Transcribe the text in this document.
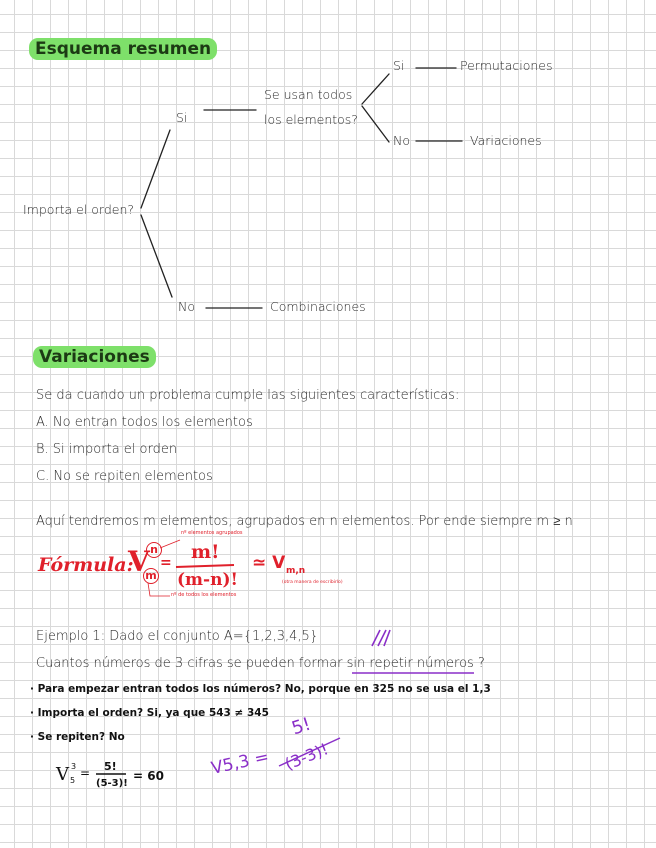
Esquema resumen
Importa el orden?
Si
No
Se usan todos
los elementos?
Si
No
Permutaciones
Variaciones
Combinaciones
Variaciones
Se da cuando un problema cumple las siguientes características:
A. No entran todos los elementos
B. Si importa el orden
C. No se repiten elementos
Aquí tendremos m elementos, agrupados en n elementos. Por ende siempre m ≥ n
Fórmula:
V n
m
= m!
(m-n)!
≃ V m,n
nº elementos agrupados
nº de todos los elementos
(otra manera de escribirlo)
Ejemplo 1: Dado el conjunto A={1,2,3,4,5}
Cuantos números de 3 cifras se pueden formar sin repetir números ?
· Para empezar entran todos los números? No, porque en 325 no se usa el 1,3
· Importa el orden? Si, ya que 543 ≠ 345
· Se repiten? No
V 3
5
= 5!
(5-3)!
= 60	V5,3 =
5!
(3-3)!
